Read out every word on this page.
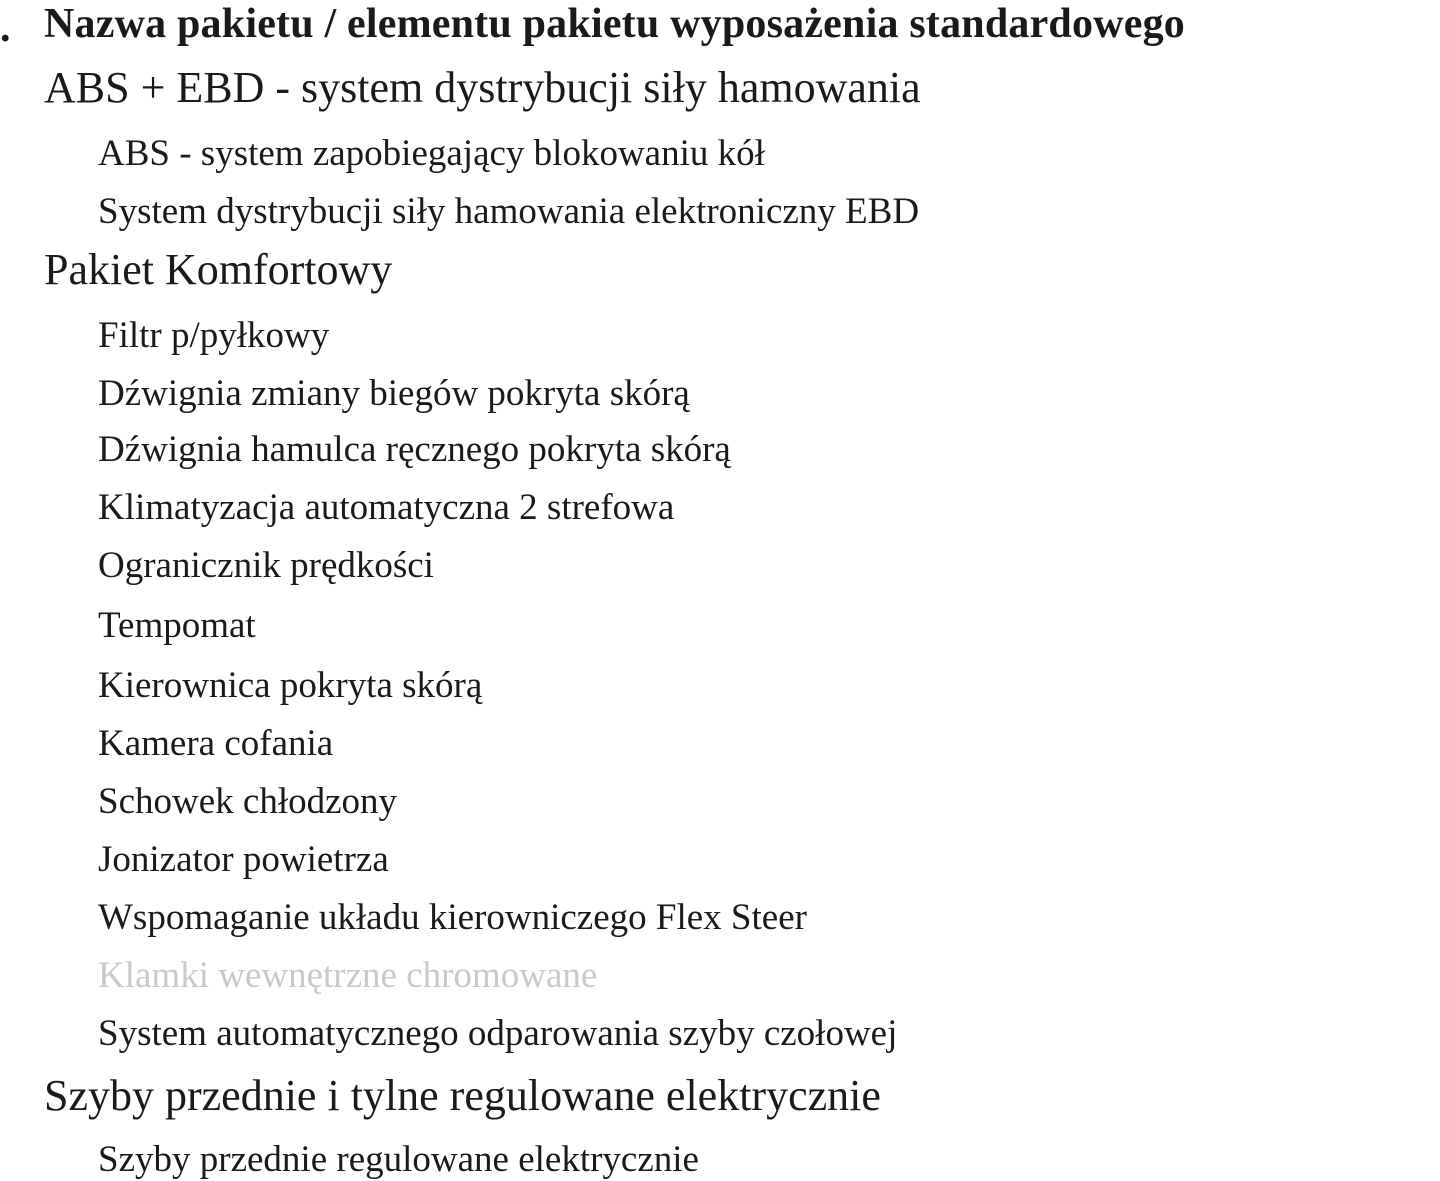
. Nazwa pakietu / elementu pakietu wyposażenia standardowego
ABS + EBD - system dystrybucji siły hamowania
ABS - system zapobiegający blokowaniu kół
System dystrybucji siły hamowania elektroniczny EBD
Pakiet Komfortowy
Filtr p/pyłkowy
Dźwignia zmiany biegów pokryta skórą
Dźwignia hamulca ręcznego pokryta skórą
Klimatyzacja automatyczna 2 strefowa
Ogranicznik prędkości
Tempomat
Kierownica pokryta skórą
Kamera cofania
Schowek chłodzony
Jonizator powietrza
Wspomaganie układu kierowniczego Flex Steer
Klamki wewnętrzne chromowane
System automatycznego odparowania szyby czołowej
Szyby przednie i tylne regulowane elektrycznie
Szyby przednie regulowane elektrycznie
